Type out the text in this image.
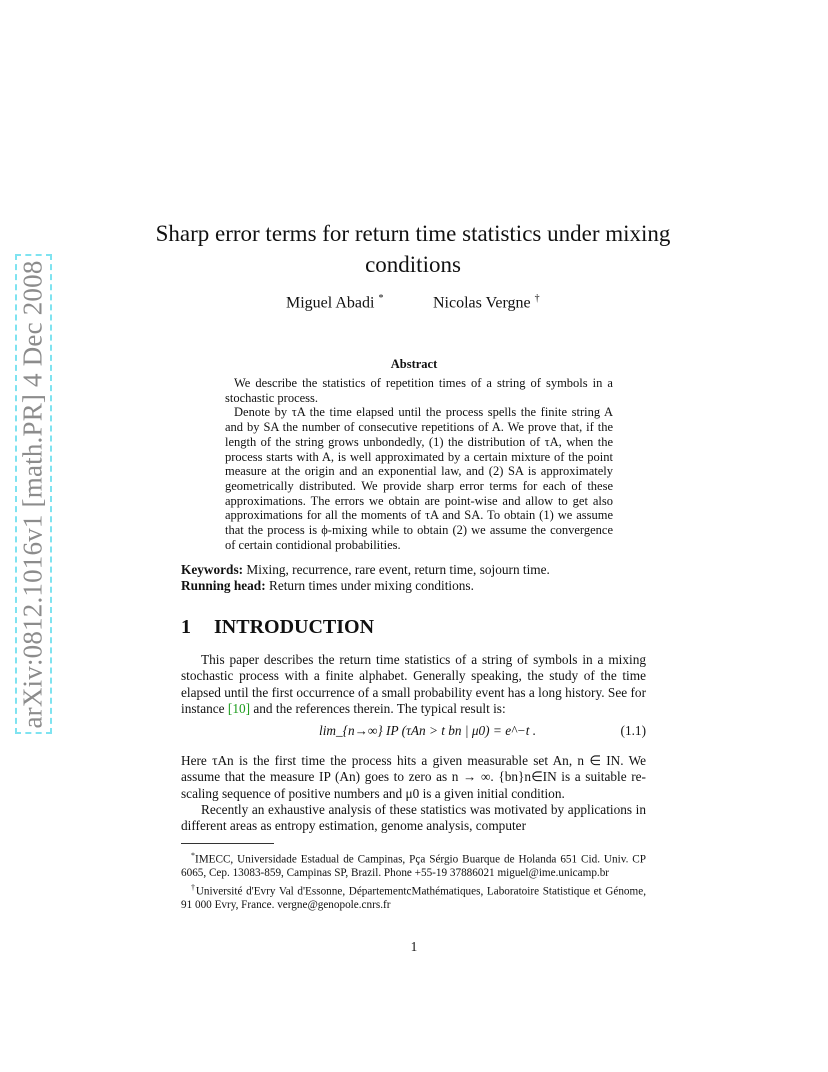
arXiv:0812.1016v1 [math.PR] 4 Dec 2008
Sharp error terms for return time statistics under mixing conditions
Miguel Abadi *	Nicolas Vergne †
Abstract

We describe the statistics of repetition times of a string of symbols in a stochastic process.

Denote by τA the time elapsed until the process spells the finite string A and by SA the number of consecutive repetitions of A. We prove that, if the length of the string grows unbondedly, (1) the distribution of τA, when the process starts with A, is well approximated by a certain mixture of the point measure at the origin and an exponential law, and (2) SA is approximately geometrically distributed. We provide sharp error terms for each of these approximations. The errors we obtain are point-wise and allow to get also approximations for all the moments of τA and SA. To obtain (1) we assume that the process is ϕ-mixing while to obtain (2) we assume the convergence of certain contidional probabilities.

Keywords: Mixing, recurrence, rare event, return time, sojourn time.
Running head: Return times under mixing conditions.
1 INTRODUCTION

This paper describes the return time statistics of a string of symbols in a mixing stochastic process with a finite alphabet. Generally speaking, the study of the time elapsed until the first occurrence of a small probability event has a long history. See for instance [10] and the references therein. The typical result is:

lim_{n→∞} IP (τAn > t bn | μ0) = e^−t .	(1.1)

Here τAn is the first time the process hits a given measurable set An, n ∈ IN. We assume that the measure IP (An) goes to zero as n → ∞. {bn}n∈IN is a suitable re-scaling sequence of positive numbers and μ0 is a given initial condition.

Recently an exhaustive analysis of these statistics was motivated by applications in different areas as entropy estimation, genome analysis, computer

*IMECC, Universidade Estadual de Campinas, Pça Sérgio Buarque de Holanda 651 Cid. Univ. CP 6065, Cep. 13083-859, Campinas SP, Brazil. Phone +55-19 37886021 miguel@ime.unicamp.br

†Université d'Evry Val d'Essonne, DépartementcMathématiques, Laboratoire Statistique et Génome, 91 000 Evry, France. vergne@genopole.cnrs.fr

1
